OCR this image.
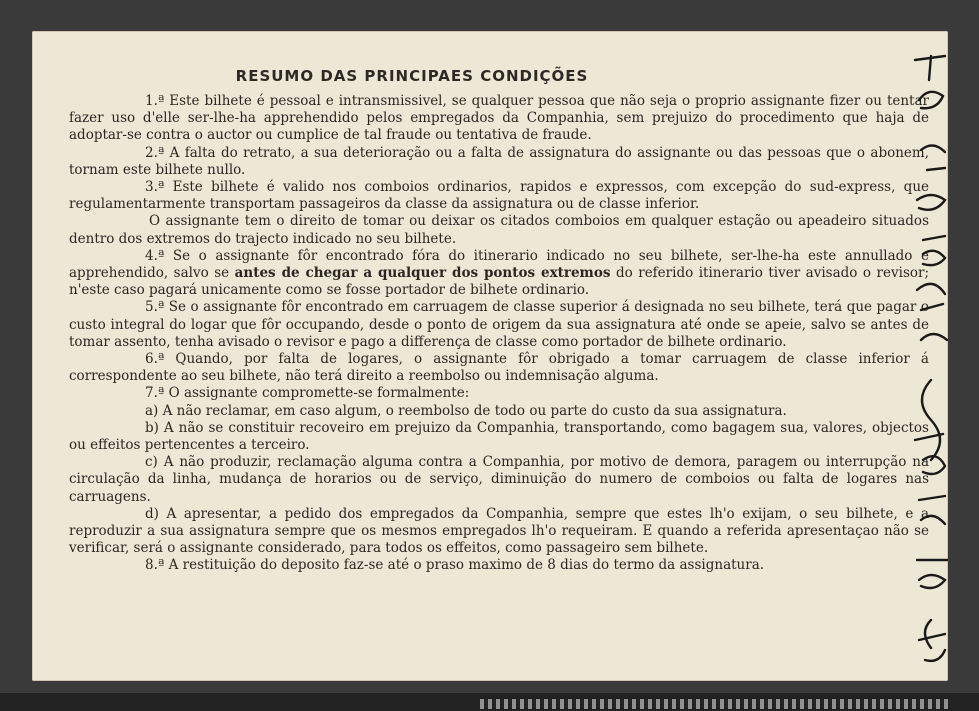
RESUMO DAS PRINCIPAES CONDIÇÕES

1.ª Este bilhete é pessoal e intransmissivel, se qualquer pessoa que não seja o proprio assignante fizer ou tentar fazer uso d'elle ser-lhe-ha apprehendido pelos empregados da Companhia, sem prejuizo do procedimento que haja de adoptar-se contra o auctor ou cumplice de tal fraude ou tentativa de fraude.

2.ª A falta do retrato, a sua deterioração ou a falta de assignatura do assignante ou das pessoas que o abonem, tornam este bilhete nullo.

3.ª Este bilhete é valido nos comboios ordinarios, rapidos e expressos, com excepção do sud-express, que regulamentarmente transportam passageiros da classe da assignatura ou de classe inferior.

O assignante tem o direito de tomar ou deixar os citados comboios em qualquer estação ou apeadeiro situados dentro dos extremos do trajecto indicado no seu bilhete.

4.ª Se o assignante fôr encontrado fóra do itinerario indicado no seu bilhete, ser-lhe-ha este annullado e apprehendido, salvo se antes de chegar a qualquer dos pontos extremos do referido itinerario tiver avisado o revisor; n'este caso pagará unicamente como se fosse portador de bilhete ordinario.

5.ª Se o assignante fôr encontrado em carruagem de classe superior á designada no seu bilhete, terá que pagar o custo integral do logar que fôr occupando, desde o ponto de origem da sua assignatura até onde se apeie, salvo se antes de tomar assento, tenha avisado o revisor e pago a differença de classe como portador de bilhete ordinario.

6.ª Quando, por falta de logares, o assignante fôr obrigado a tomar carruagem de classe inferior á correspondente ao seu bilhete, não terá direito a reembolso ou indemnisação alguma.

7.ª O assignante compromette-se formalmente:

a) A não reclamar, em caso algum, o reembolso de todo ou parte do custo da sua assignatura.

b) A não se constituir recoveiro em prejuizo da Companhia, transportando, como bagagem sua, valores, objectos ou effeitos pertencentes a terceiro.

c) A não produzir, reclamação alguma contra a Companhia, por motivo de demora, paragem ou interrupção na circulação da linha, mudança de horarios ou de serviço, diminuição do numero de comboios ou falta de logares nas carruagens.

d) A apresentar, a pedido dos empregados da Companhia, sempre que estes lh'o exijam, o seu bilhete, e a reproduzir a sua assignatura sempre que os mesmos empregados lh'o requeiram. E quando a referida apresentaçao não se verificar, será o assignante considerado, para todos os effeitos, como passageiro sem bilhete.

8.ª A restituição do deposito faz-se até o praso maximo de 8 dias do termo da assignatura.
